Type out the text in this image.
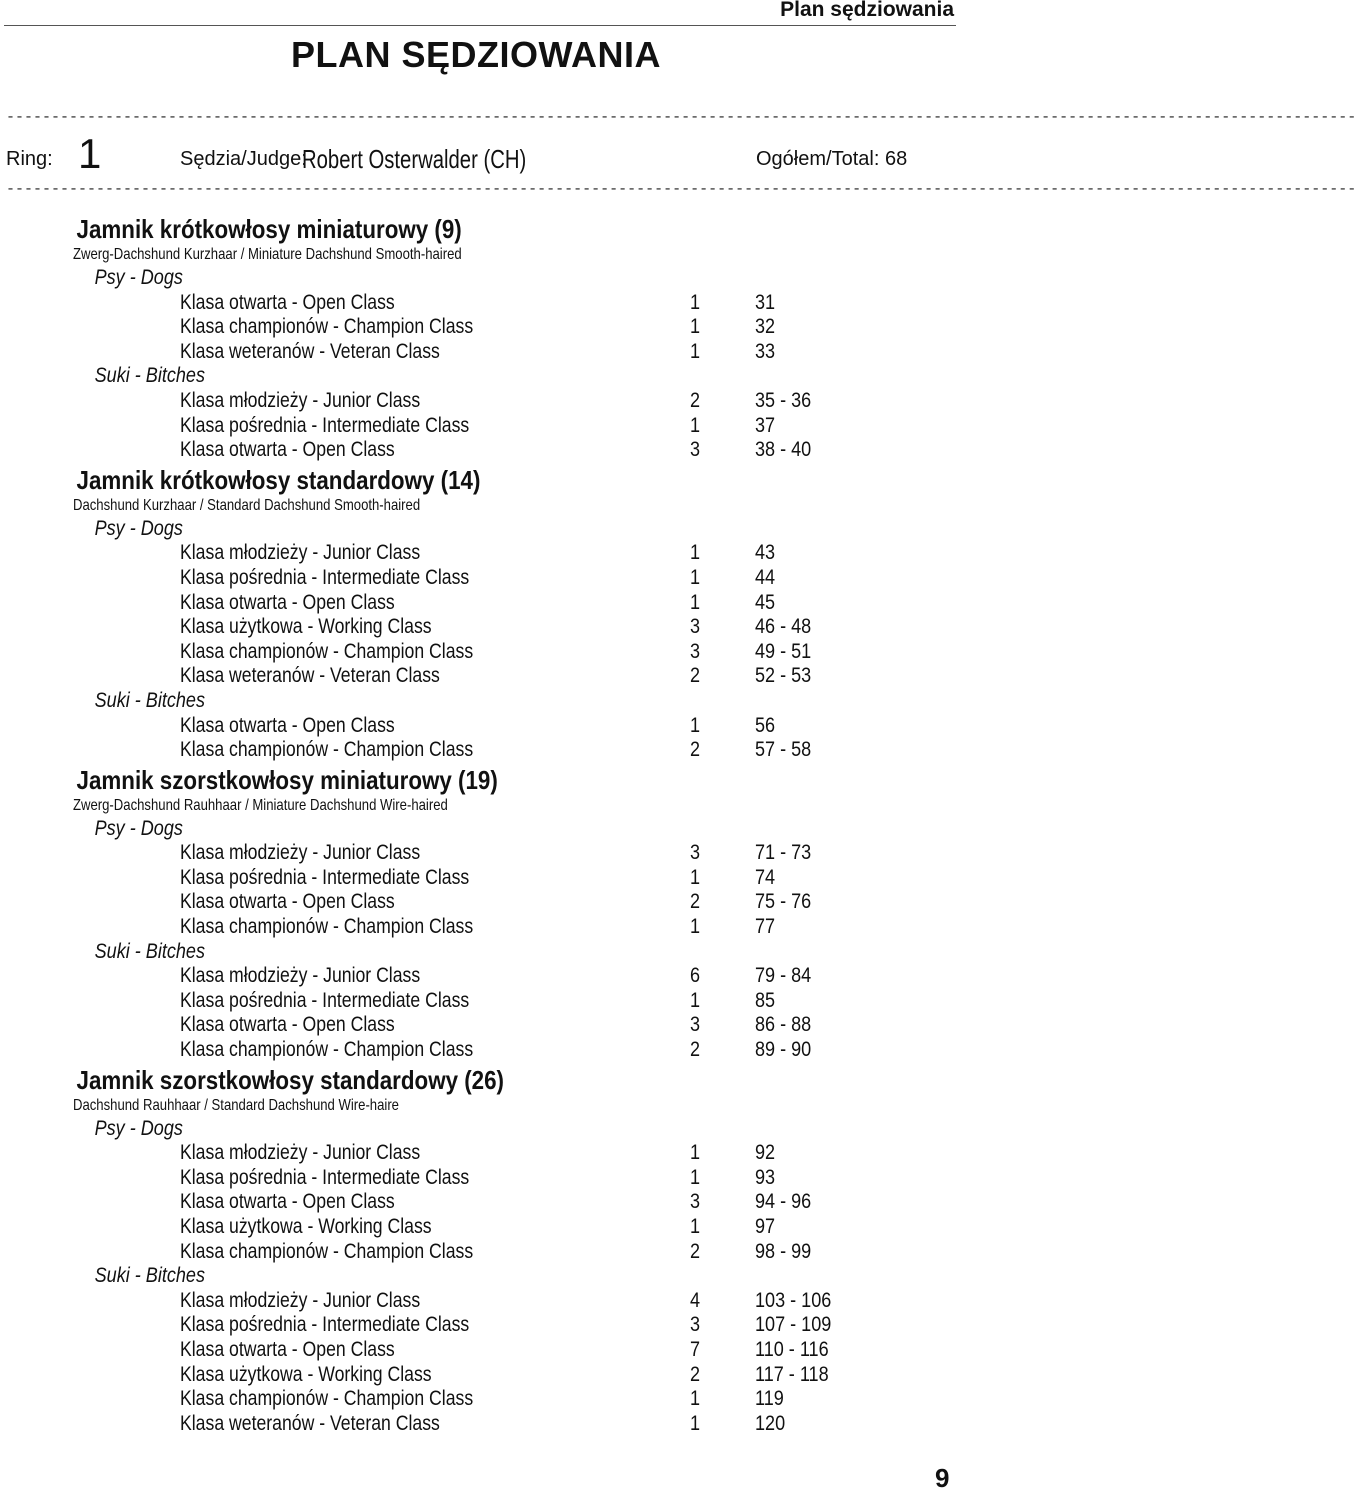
Plan sędziowania
PLAN SĘDZIOWANIA
------------------------------------------------------------------------------------------------------------------------------------------------------
Ring: 1	Sędzia/Judge:
Robert Osterwalder (CH)	Ogółem/Total: 68
------------------------------------------------------------------------------------------------------------------------------------------------------
Jamnik krótkowłosy miniaturowy (9)
Zwerg-Dachshund Kurzhaar / Miniature Dachshund Smooth-haired
Psy - Dogs
Klasa otwarta - Open Class	1	31
Klasa championów - Champion Class	1	32
Klasa weteranów - Veteran Class	1	33
Suki - Bitches
Klasa młodzieży - Junior Class	2	35 - 36
Klasa pośrednia - Intermediate Class	1	37
Klasa otwarta - Open Class	3	38 - 40
Jamnik krótkowłosy standardowy (14)
Dachshund Kurzhaar / Standard Dachshund Smooth-haired
Psy - Dogs
Klasa młodzieży - Junior Class	1	43
Klasa pośrednia - Intermediate Class	1	44
Klasa otwarta - Open Class	1	45
Klasa użytkowa - Working Class	3	46 - 48
Klasa championów - Champion Class	3	49 - 51
Klasa weteranów - Veteran Class	2	52 - 53
Suki - Bitches
Klasa otwarta - Open Class	1	56
Klasa championów - Champion Class	2	57 - 58
Jamnik szorstkowłosy miniaturowy (19)
Zwerg-Dachshund Rauhhaar / Miniature Dachshund Wire-haired
Psy - Dogs
Klasa młodzieży - Junior Class	3	71 - 73
Klasa pośrednia - Intermediate Class	1	74
Klasa otwarta - Open Class	2	75 - 76
Klasa championów - Champion Class	1	77
Suki - Bitches
Klasa młodzieży - Junior Class	6	79 - 84
Klasa pośrednia - Intermediate Class	1	85
Klasa otwarta - Open Class	3	86 - 88
Klasa championów - Champion Class	2	89 - 90
Jamnik szorstkowłosy standardowy (26)
Dachshund Rauhhaar / Standard Dachshund Wire-haire
Psy - Dogs
Klasa młodzieży - Junior Class	1	92
Klasa pośrednia - Intermediate Class	1	93
Klasa otwarta - Open Class	3	94 - 96
Klasa użytkowa - Working Class	1	97
Klasa championów - Champion Class	2	98 - 99
Suki - Bitches
Klasa młodzieży - Junior Class	4	103 - 106
Klasa pośrednia - Intermediate Class	3	107 - 109
Klasa otwarta - Open Class	7	110 - 116
Klasa użytkowa - Working Class	2	117 - 118
Klasa championów - Champion Class	1	119
Klasa weteranów - Veteran Class	1	120
9
